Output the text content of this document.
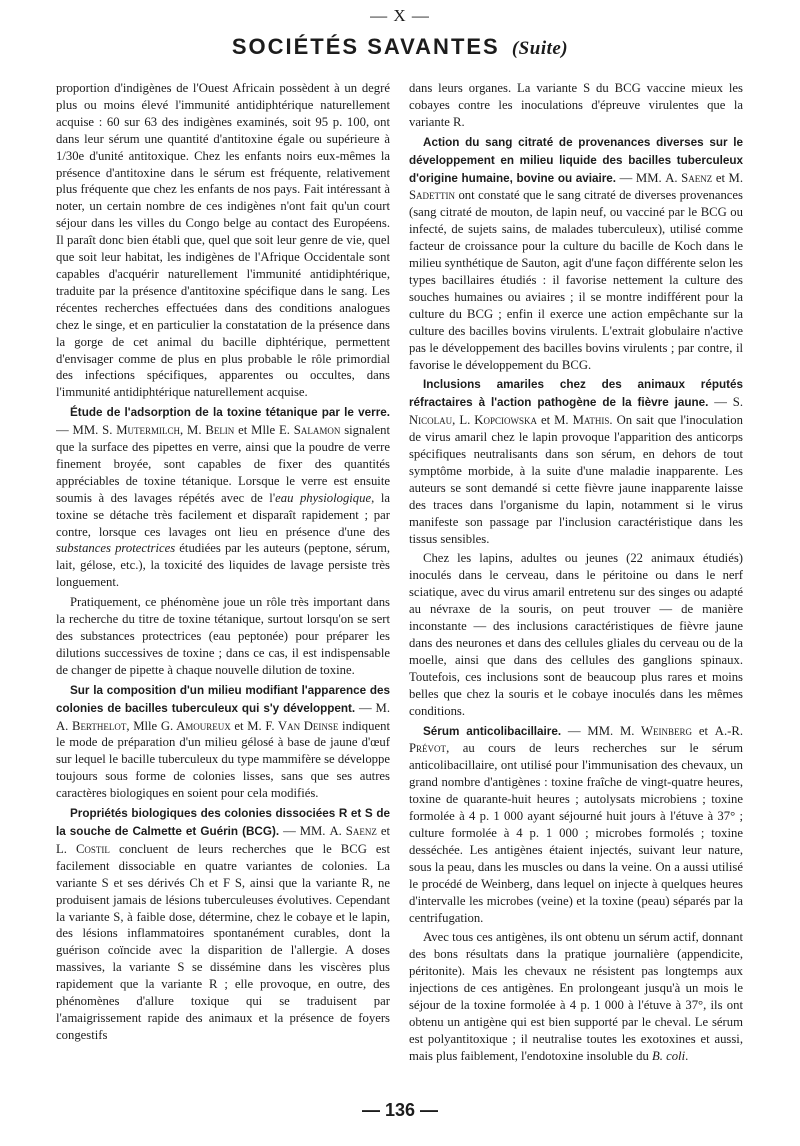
— X —
SOCIÉTÉS SAVANTES (Suite)

proportion d'indigènes de l'Ouest Africain possèdent à un degré plus ou moins élevé l'immunité antidiphtérique naturellement acquise : 60 sur 63 des indigènes examinés, soit 95 p. 100, ont dans leur sérum une quantité d'antitoxine égale ou supérieure à 1/30e d'unité antitoxique. Chez les enfants noirs eux-mêmes la présence d'antitoxine dans le sérum est fréquente, relativement plus fréquente que chez les enfants de nos pays. Fait intéressant à noter, un certain nombre de ces indigènes n'ont fait qu'un court séjour dans les villes du Congo belge au contact des Européens. Il paraît donc bien établi que, quel que soit leur genre de vie, quel que soit leur habitat, les indigènes de l'Afrique Occidentale sont capables d'acquérir naturellement l'immunité antidiphtérique, traduite par la présence d'antitoxine spécifique dans le sang. Les récentes recherches effectuées dans des conditions analogues chez le singe, et en particulier la constatation de la présence dans la gorge de cet animal du bacille diphtérique, permettent d'envisager comme de plus en plus probable le rôle primordial des infections spécifiques, apparentes ou occultes, dans l'immunité antidiphtérique naturellement acquise.

Étude de l'adsorption de la toxine tétanique par le verre. — MM. S. Mutermilch, M. Belin et Mlle E. Salamon signalent que la surface des pipettes en verre, ainsi que la poudre de verre finement broyée, sont capables de fixer des quantités appréciables de toxine tétanique. Lorsque le verre est ensuite soumis à des lavages répétés avec de l'eau physiologique, la toxine se détache très facilement et disparaît rapidement ; par contre, lorsque ces lavages ont lieu en présence d'une des substances protectrices étudiées par les auteurs (peptone, sérum, lait, gélose, etc.), la toxicité des liquides de lavage persiste très longuement.

Pratiquement, ce phénomène joue un rôle très important dans la recherche du titre de toxine tétanique, surtout lorsqu'on se sert des substances protectrices (eau peptonée) pour préparer les dilutions successives de toxine ; dans ce cas, il est indispensable de changer de pipette à chaque nouvelle dilution de toxine.

Sur la composition d'un milieu modifiant l'apparence des colonies de bacilles tuberculeux qui s'y développent. — M. A. Berthelot, Mlle G. Amoureux et M. F. Van Deinse indiquent le mode de préparation d'un milieu gélosé à base de jaune d'œuf sur lequel le bacille tuberculeux du type mammifère se développe toujours sous forme de colonies lisses, sans que ses autres caractères biologiques en soient pour cela modifiés.

Propriétés biologiques des colonies dissociées R et S de la souche de Calmette et Guérin (BCG). — MM. A. Saenz et L. Costil concluent de leurs recherches que le BCG est facilement dissociable en quatre variantes de colonies. La variante S et ses dérivés Ch et F S, ainsi que la variante R, ne produisent jamais de lésions tuberculeuses évolutives. Cependant la variante S, à faible dose, détermine, chez le cobaye et le lapin, des lésions inflammatoires spontanément curables, dont la guérison coïncide avec la disparition de l'allergie. A doses massives, la variante S se dissémine dans les viscères plus rapidement que la variante R ; elle provoque, en outre, des phénomènes d'allure toxique qui se traduisent par l'amaigrissement rapide des animaux et la présence de foyers congestifs

dans leurs organes. La variante S du BCG vaccine mieux les cobayes contre les inoculations d'épreuve virulentes que la variante R.

Action du sang citraté de provenances diverses sur le développement en milieu liquide des bacilles tuberculeux d'origine humaine, bovine ou aviaire. — MM. A. Saenz et M. Sadettin ont constaté que le sang citraté de diverses provenances (sang citraté de mouton, de lapin neuf, ou vacciné par le BCG ou infecté, de sujets sains, de malades tuberculeux), utilisé comme facteur de croissance pour la culture du bacille de Koch dans le milieu synthétique de Sauton, agit d'une façon différente selon les types bacillaires étudiés : il favorise nettement la culture des souches humaines ou aviaires ; il se montre indifférent pour la culture du BCG ; enfin il exerce une action empêchante sur la culture des bacilles bovins virulents. L'extrait globulaire n'active pas le développement des bacilles bovins virulents ; par contre, il favorise le développement du BCG.

Inclusions amariles chez des animaux réputés réfractaires à l'action pathogène de la fièvre jaune. — S. Nicolau, L. Kopciowska et M. Mathis. On sait que l'inoculation de virus amaril chez le lapin provoque l'apparition des anticorps spécifiques neutralisants dans son sérum, en dehors de tout symptôme morbide, à la suite d'une maladie inapparente. Les auteurs se sont demandé si cette fièvre jaune inapparente laisse des traces dans l'organisme du lapin, notamment si le virus manifeste son passage par l'inclusion caractéristique dans les tissus sensibles.

Chez les lapins, adultes ou jeunes (22 animaux étudiés) inoculés dans le cerveau, dans le péritoine ou dans le nerf sciatique, avec du virus amaril entretenu sur des singes ou adapté au névraxe de la souris, on peut trouver — de manière inconstante — des inclusions caractéristiques de fièvre jaune dans des neurones et dans des cellules gliales du cerveau ou de la moelle, ainsi que dans des cellules des ganglions spinaux. Toutefois, ces inclusions sont de beaucoup plus rares et moins belles que chez la souris et le cobaye inoculés dans les mêmes conditions.

Sérum anticolibacillaire. — MM. M. Weinberg et A.-R. Prévot, au cours de leurs recherches sur le sérum anticolibacillaire, ont utilisé pour l'immunisation des chevaux, un grand nombre d'antigènes : toxine fraîche de vingt-quatre heures, toxine de quarante-huit heures ; autolysats microbiens ; toxine formolée à 4 p. 1 000 ayant séjourné huit jours à l'étuve à 37° ; culture formolée à 4 p. 1 000 ; microbes formolés ; toxine desséchée. Les antigènes étaient injectés, suivant leur nature, sous la peau, dans les muscles ou dans la veine. On a aussi utilisé le procédé de Weinberg, dans lequel on injecte à quelques heures d'intervalle les microbes (veine) et la toxine (peau) séparés par la centrifugation.

Avec tous ces antigènes, ils ont obtenu un sérum actif, donnant des bons résultats dans la pratique journalière (appendicite, péritonite). Mais les chevaux ne résistent pas longtemps aux injections de ces antigènes. En prolongeant jusqu'à un mois le séjour de la toxine formolée à 4 p. 1 000 à l'étuve à 37°, ils ont obtenu un antigène qui est bien supporté par le cheval. Le sérum est polyantitoxique ; il neutralise toutes les exotoxines et aussi, mais plus faiblement, l'endotoxine insoluble du B. coli.

— 136 —
